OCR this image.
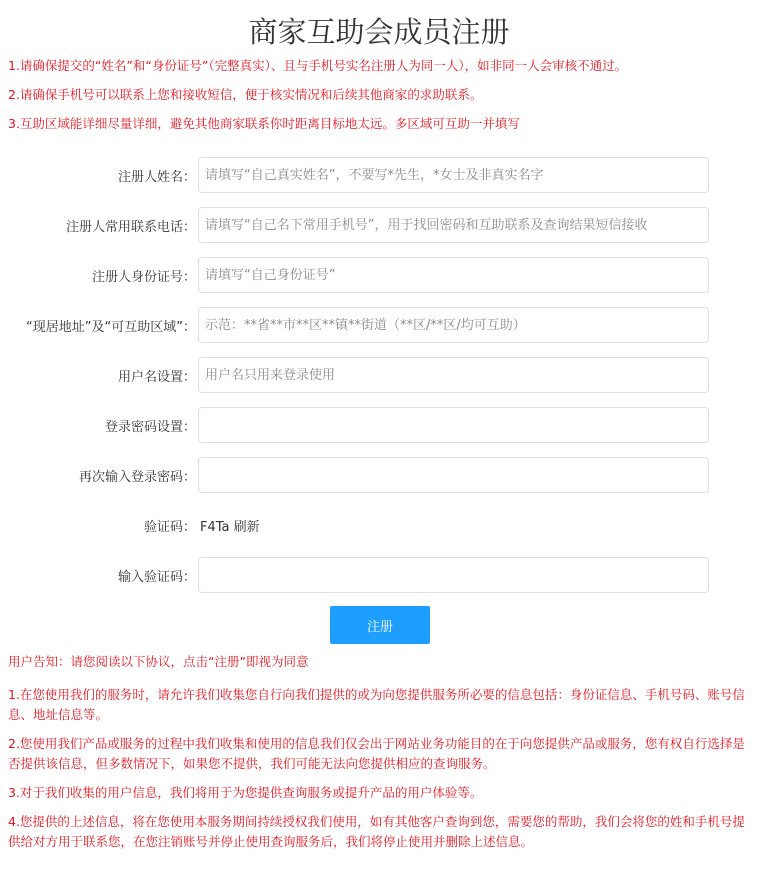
商家互助会成员注册

1.请确保提交的“姓名”和“身份证号”（完整真实）、且与手机号实名注册人为同一人），如非同一人会审核不通过。

2.请确保手机号可以联系上您和接收短信，便于核实情况和后续其他商家的求助联系。

3.互助区域能详细尽量详细，避免其他商家联系你时距离目标地太远。多区域可互助一并填写

注册人姓名：
请填写“自己真实姓名”，不要写*先生，*女士及非真实名字
注册人常用联系电话：
请填写“自己名下常用手机号”，用于找回密码和互助联系及查询结果短信接收
注册人身份证号：
请填写“自己身份证号”
“现居地址”及“可互助区域”：
示范：**省**市**区**镇**街道（**区/**区/均可互助）
用户名设置：
用户名只用来登录使用
登录密码设置：
再次输入登录密码：
验证码： F4Ta 刷新
输入验证码：
注册

用户告知：请您阅读以下协议，点击“注册”即视为同意

1.在您使用我们的服务时，请允许我们收集您自行向我们提供的或为向您提供服务所必要的信息包括：身份证信息、手机号码、账号信息、地址信息等。

2.您使用我们产品或服务的过程中我们收集和使用的信息我们仅会出于网站业务功能目的在于向您提供产品或服务，您有权自行选择是否提供该信息，但多数情况下，如果您不提供，我们可能无法向您提供相应的查询服务。

3.对于我们收集的用户信息，我们将用于为您提供查询服务或提升产品的用户体验等。

4.您提供的上述信息，将在您使用本服务期间持续授权我们使用，如有其他客户查询到您，需要您的帮助，我们会将您的姓和手机号提供给对方用于联系您，在您注销账号并停止使用查询服务后，我们将停止使用并删除上述信息。
